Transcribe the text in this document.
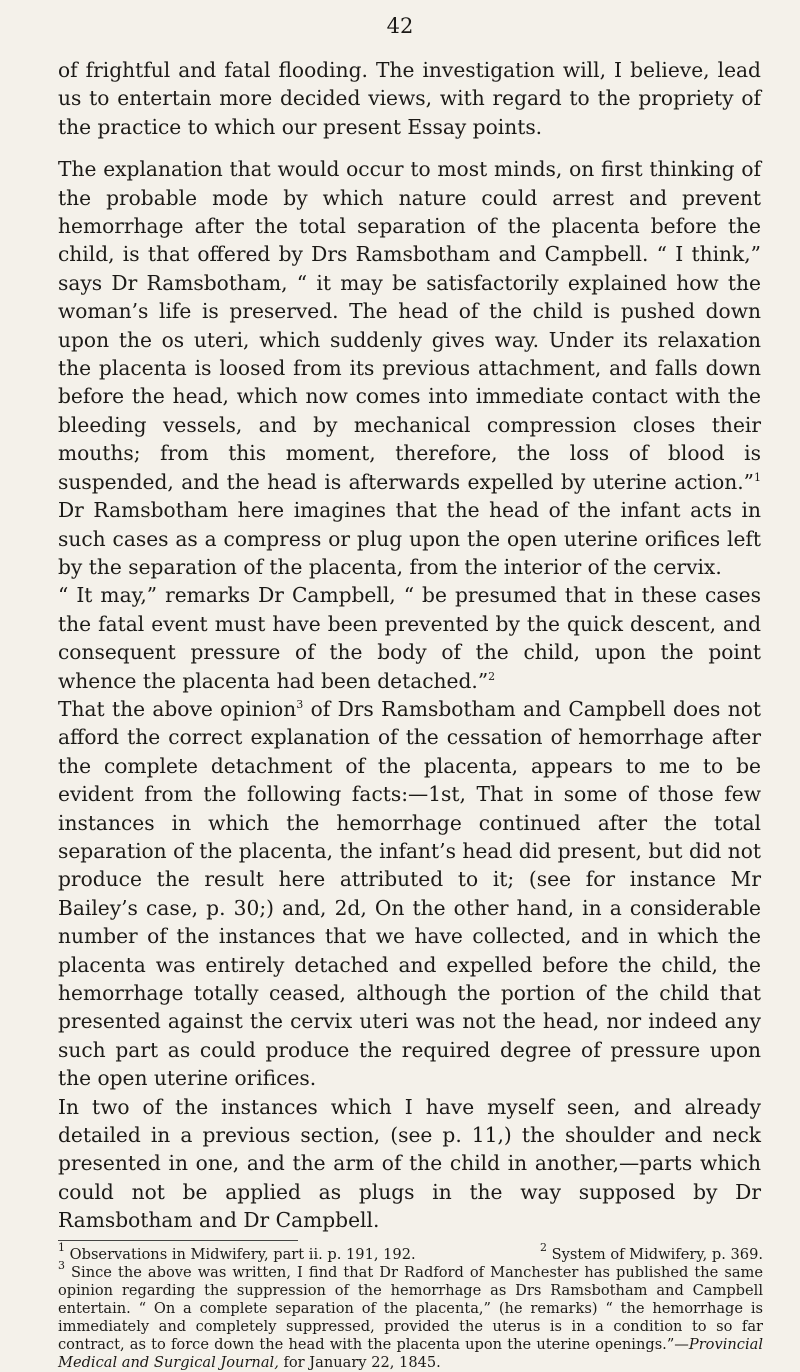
42

of frightful and fatal flooding. The investigation will, I believe, lead us to entertain more decided views, with regard to the propriety of the practice to which our present Essay points.

The explanation that would occur to most minds, on first thinking of the probable mode by which nature could arrest and prevent hemorrhage after the total separation of the placenta before the child, is that offered by Drs Ramsbotham and Campbell. “ I think,” says Dr Ramsbotham, “ it may be satisfactorily explained how the woman’s life is preserved. The head of the child is pushed down upon the os uteri, which suddenly gives way. Under its relaxation the placenta is loosed from its previous attachment, and falls down before the head, which now comes into immediate contact with the bleeding vessels, and by mechanical compression closes their mouths; from this moment, therefore, the loss of blood is suspended, and the head is afterwards expelled by uterine action.”$^1$ Dr Ramsbotham here imagines that the head of the infant acts in such cases as a compress or plug upon the open uterine orifices left by the separation of the placenta, from the interior of the cervix.

“ It may,” remarks Dr Campbell, “ be presumed that in these cases the fatal event must have been prevented by the quick descent, and consequent pressure of the body of the child, upon the point whence the placenta had been detached.”$^2$

That the above opinion$^3$ of Drs Ramsbotham and Campbell does not afford the correct explanation of the cessation of hemorrhage after the complete detachment of the placenta, appears to me to be evident from the following facts:—1st, That in some of those few instances in which the hemorrhage continued after the total separation of the placenta, the infant’s head did present, but did not produce the result here attributed to it; (see for instance Mr Bailey’s case, p. 30;) and, 2d, On the other hand, in a considerable number of the instances that we have collected, and in which the placenta was entirely detached and expelled before the child, the hemorrhage totally ceased, although the portion of the child that presented against the cervix uteri was not the head, nor indeed any such part as could produce the required degree of pressure upon the open uterine orifices.

In two of the instances which I have myself seen, and already detailed in a previous section, (see p. 11,) the shoulder and neck presented in one, and the arm of the child in another,—parts which could not be applied as plugs in the way supposed by Dr Ramsbotham and Dr Campbell.

$^1$ Observations in Midwifery, part ii. p. 191, 192.	$^2$ System of Midwifery, p. 369.

$^3$ Since the above was written, I find that Dr Radford of Manchester has published the same opinion regarding the suppression of the hemorrhage as Drs Ramsbotham and Campbell entertain. “ On a complete separation of the placenta,” (he remarks) “ the hemorrhage is immediately and completely suppressed, provided the uterus is in a condition to so far contract, as to force down the head with the placenta upon the uterine openings.”—Provincial Medical and Surgical Journal, for January 22, 1845.
